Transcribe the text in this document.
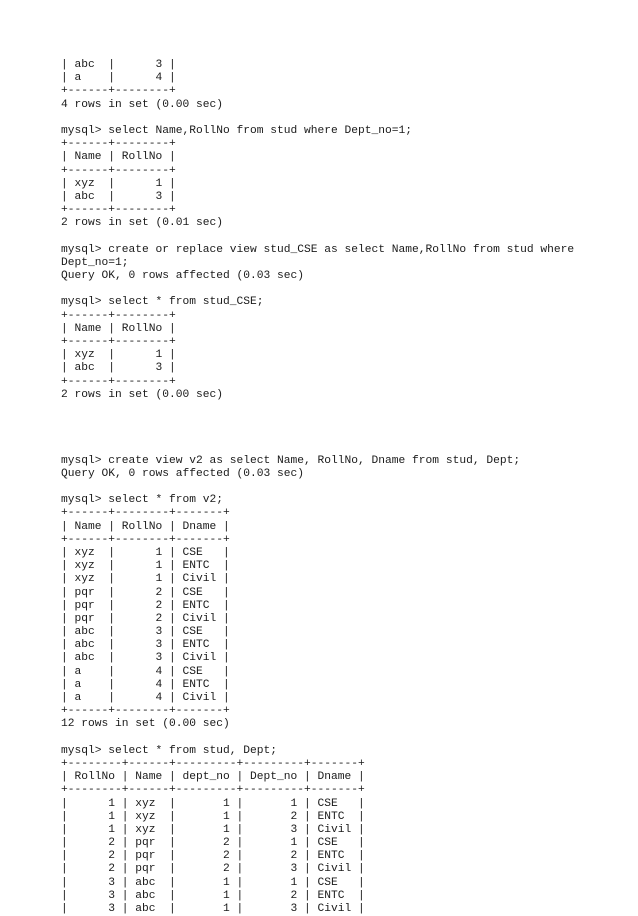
| abc  |      3 |
| a    |      4 |
+------+--------+
4 rows in set (0.00 sec)
mysql> select Name,RollNo from stud where Dept_no=1;
+------+--------+
| Name | RollNo |
+------+--------+
| xyz  |      1 |
| abc  |      3 |
+------+--------+
2 rows in set (0.01 sec)
mysql> create or replace view stud_CSE as select Name,RollNo from stud where
Dept_no=1;
Query OK, 0 rows affected (0.03 sec)
mysql> select * from stud_CSE;
+------+--------+
| Name | RollNo |
+------+--------+
| xyz  |      1 |
| abc  |      3 |
+------+--------+
2 rows in set (0.00 sec)
mysql> create view v2 as select Name, RollNo, Dname from stud, Dept;
Query OK, 0 rows affected (0.03 sec)
mysql> select * from v2;
+------+--------+-------+
| Name | RollNo | Dname |
+------+--------+-------+
| xyz  |      1 | CSE   |
| xyz  |      1 | ENTC  |
| xyz  |      1 | Civil |
| pqr  |      2 | CSE   |
| pqr  |      2 | ENTC  |
| pqr  |      2 | Civil |
| abc  |      3 | CSE   |
| abc  |      3 | ENTC  |
| abc  |      3 | Civil |
| a    |      4 | CSE   |
| a    |      4 | ENTC  |
| a    |      4 | Civil |
+------+--------+-------+
12 rows in set (0.00 sec)
mysql> select * from stud, Dept;
+--------+------+---------+---------+-------+
| RollNo | Name | dept_no | Dept_no | Dname |
+--------+------+---------+---------+-------+
|      1 | xyz  |       1 |       1 | CSE   |
|      1 | xyz  |       1 |       2 | ENTC  |
|      1 | xyz  |       1 |       3 | Civil |
|      2 | pqr  |       2 |       1 | CSE   |
|      2 | pqr  |       2 |       2 | ENTC  |
|      2 | pqr  |       2 |       3 | Civil |
|      3 | abc  |       1 |       1 | CSE   |
|      3 | abc  |       1 |       2 | ENTC  |
|      3 | abc  |       1 |       3 | Civil |
